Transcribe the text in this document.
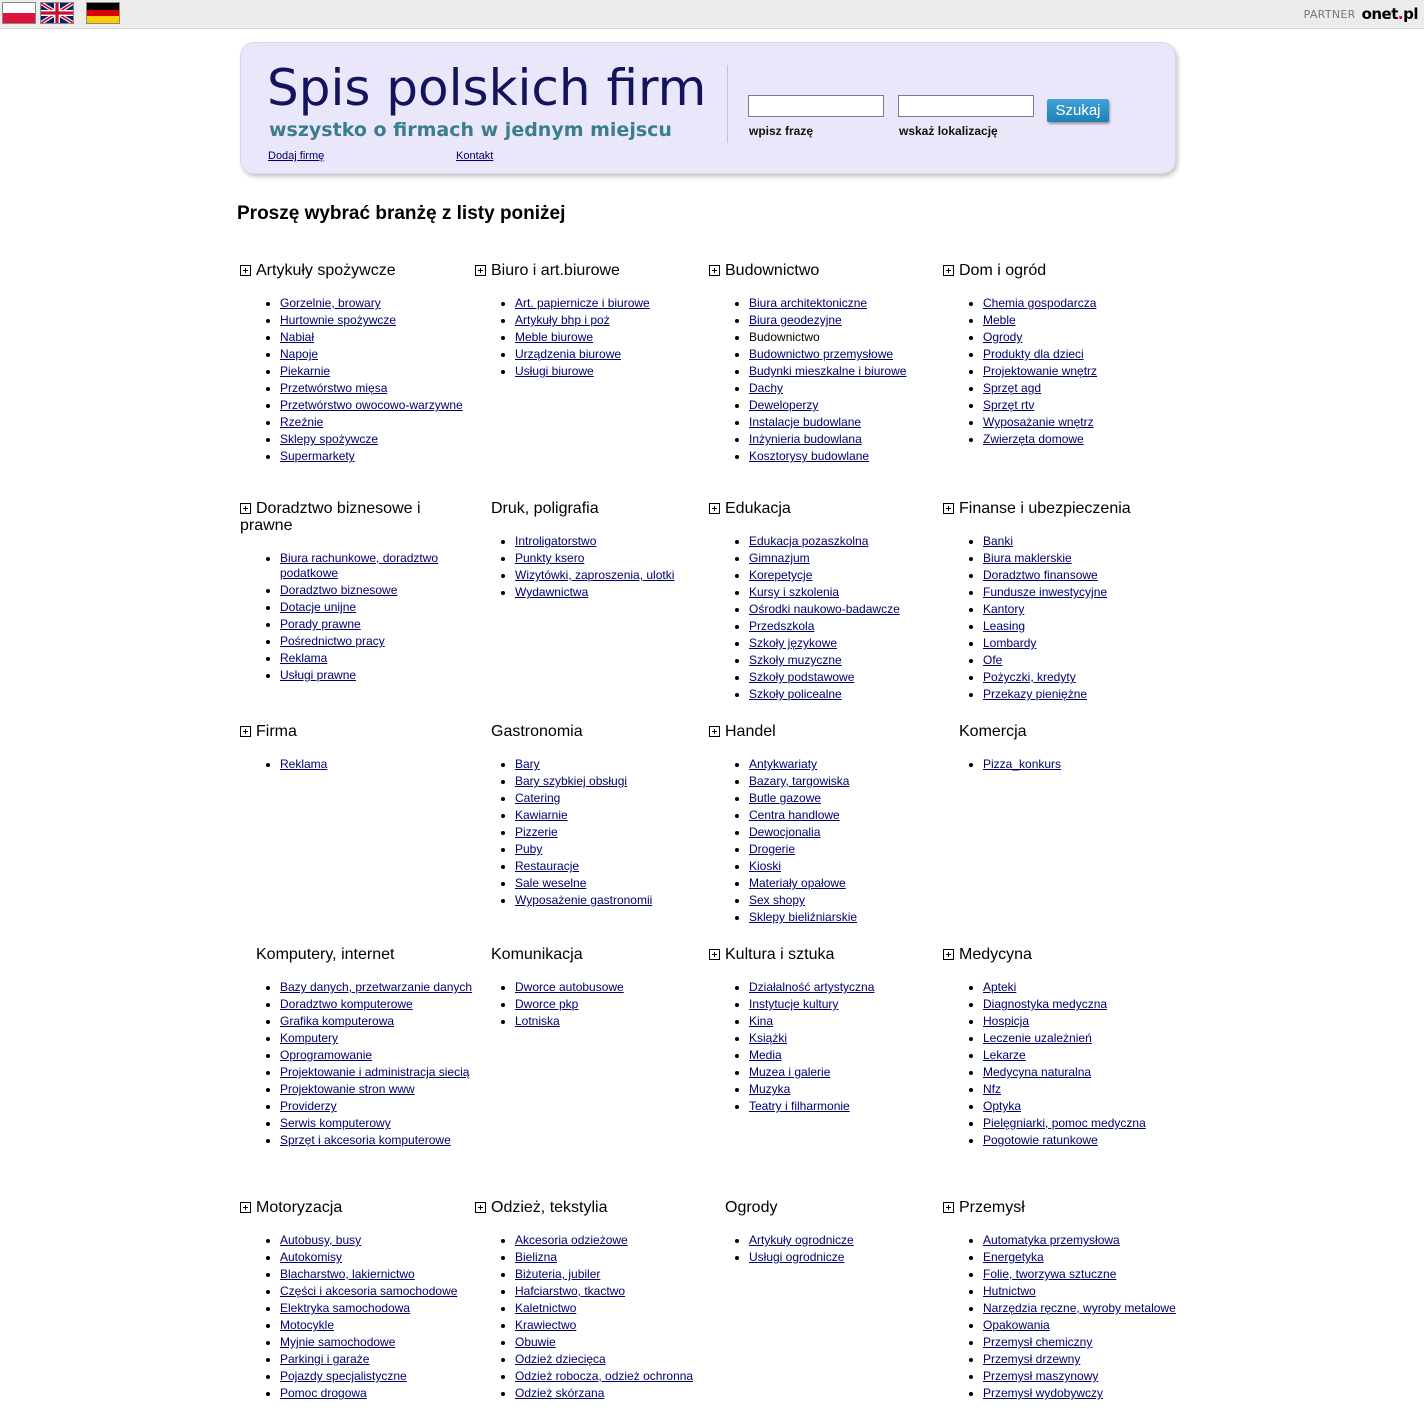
PARTNER onet.pl
Spis polskich firm
wszystko o firmach w jednym miejscu	wpisz frazę	wskaż lokalizację
Szukaj
Dodaj firmę	Kontakt
Proszę wybrać branżę z listy poniżej
Artykuły spożywcze
• Gorzelnie, browary
• Hurtownie spożywcze
• Nabiał
• Napoje
• Piekarnie
• Przetwórstwo mięsa
• Przetwórstwo owocowo-warzywne
• Rzeźnie
• Sklepy spożywcze
• Supermarkety
Biuro i art.biurowe
• Art. papiernicze i biurowe
• Artykuły bhp i poż
• Meble biurowe
• Urządzenia biurowe
• Usługi biurowe
Budownictwo
• Biura architektoniczne
• Biura geodezyjne
• Budownictwo
• Budownictwo przemysłowe
• Budynki mieszkalne i biurowe
• Dachy
• Deweloperzy
• Instalacje budowlane
• Inżynieria budowlana
• Kosztorysy budowlane
Dom i ogród
• Chemia gospodarcza
• Meble
• Ogrody
• Produkty dla dzieci
• Projektowanie wnętrz
• Sprzęt agd
• Sprzęt rtv
• Wyposażanie wnętrz
• Zwierzęta domowe
Doradztwo biznesowe i prawne
• Biura rachunkowe, doradztwo podatkowe
• Doradztwo biznesowe
• Dotacje unijne
• Porady prawne
• Pośrednictwo pracy
• Reklama
• Usługi prawne
Druk, poligrafia
• Introligatorstwo
• Punkty ksero
• Wizytówki, zaproszenia, ulotki
• Wydawnictwa
Edukacja
• Edukacja pozaszkolna
• Gimnazjum
• Korepetycje
• Kursy i szkolenia
• Ośrodki naukowo-badawcze
• Przedszkola
• Szkoły językowe
• Szkoły muzyczne
• Szkoły podstawowe
• Szkoły policealne
Finanse i ubezpieczenia
• Banki
• Biura maklerskie
• Doradztwo finansowe
• Fundusze inwestycyjne
• Kantory
• Leasing
• Lombardy
• Ofe
• Pożyczki, kredyty
• Przekazy pieniężne
Firma
• Reklama
Gastronomia
• Bary
• Bary szybkiej obsługi
• Catering
• Kawiarnie
• Pizzerie
• Puby
• Restauracje
• Sale weselne
• Wyposażenie gastronomii
Handel
• Antykwariaty
• Bazary, targowiska
• Butle gazowe
• Centra handlowe
• Dewocjonalia
• Drogerie
• Kioski
• Materiały opałowe
• Sex shopy
• Sklepy bieliźniarskie
Komercja
• Pizza_konkurs
Komputery, internet
• Bazy danych, przetwarzanie danych
• Doradztwo komputerowe
• Grafika komputerowa
• Komputery
• Oprogramowanie
• Projektowanie i administracja siecią
• Projektowanie stron www
• Providerzy
• Serwis komputerowy
• Sprzęt i akcesoria komputerowe
Komunikacja
• Dworce autobusowe
• Dworce pkp
• Lotniska
Kultura i sztuka
• Działalność artystyczna
• Instytucje kultury
• Kina
• Książki
• Media
• Muzea i galerie
• Muzyka
• Teatry i filharmonie
Medycyna
• Apteki
• Diagnostyka medyczna
• Hospicja
• Leczenie uzależnień
• Lekarze
• Medycyna naturalna
• Nfz
• Optyka
• Pielęgniarki, pomoc medyczna
• Pogotowie ratunkowe
Motoryzacja
• Autobusy, busy
• Autokomisy
• Blacharstwo, lakiernictwo
• Części i akcesoria samochodowe
• Elektryka samochodowa
• Motocykle
• Myjnie samochodowe
• Parkingi i garaże
• Pojazdy specjalistyczne
• Pomoc drogowa
Odzież, tekstylia
• Akcesoria odzieżowe
• Bielizna
• Biżuteria, jubiler
• Hafciarstwo, tkactwo
• Kaletnictwo
• Krawiectwo
• Obuwie
• Odzież dziecięca
• Odzież robocza, odzież ochronna
• Odzież skórzana
Ogrody
• Artykuły ogrodnicze
• Usługi ogrodnicze
Przemysł
• Automatyka przemysłowa
• Energetyka
• Folie, tworzywa sztuczne
• Hutnictwo
• Narzędzia ręczne, wyroby metalowe
• Opakowania
• Przemysł chemiczny
• Przemysł drzewny
• Przemysł maszynowy
• Przemysł wydobywczy
